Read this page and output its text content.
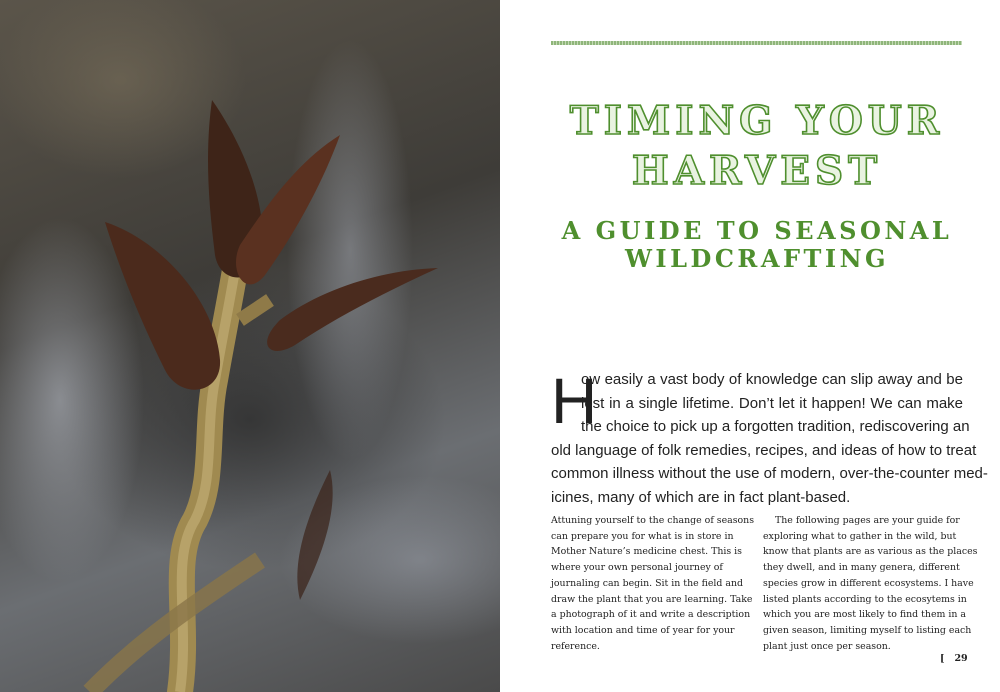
TIMING YOUR
HARVEST
A GUIDE TO SEASONAL
WILDCRAFTING
H
ow easily a vast body of knowledge can slip away and be
lost in a single lifetime. Don’t let it happen! We can make
the choice to pick up a forgotten tradition, rediscovering an
old language of folk remedies, recipes, and ideas of how to treat
common illness without the use of modern, over-the-counter med-
icines, many of which are in fact plant-based.
Attuning yourself to the change of seasons
can prepare you for what is in store in
Mother Nature’s medicine chest. This is
where your own personal journey of
journaling can begin. Sit in the field and
draw the plant that you are learning. Take
a photograph of it and write a description
with location and time of year for your
reference.
The following pages are your guide for
exploring what to gather in the wild, but
know that plants are as various as the places
they dwell, and in many genera, different
species grow in different ecosystems. I have
listed plants according to the ecosytems in
which you are most likely to find them in a
given season, limiting myself to listing each
plant just once per season.
[ 29
